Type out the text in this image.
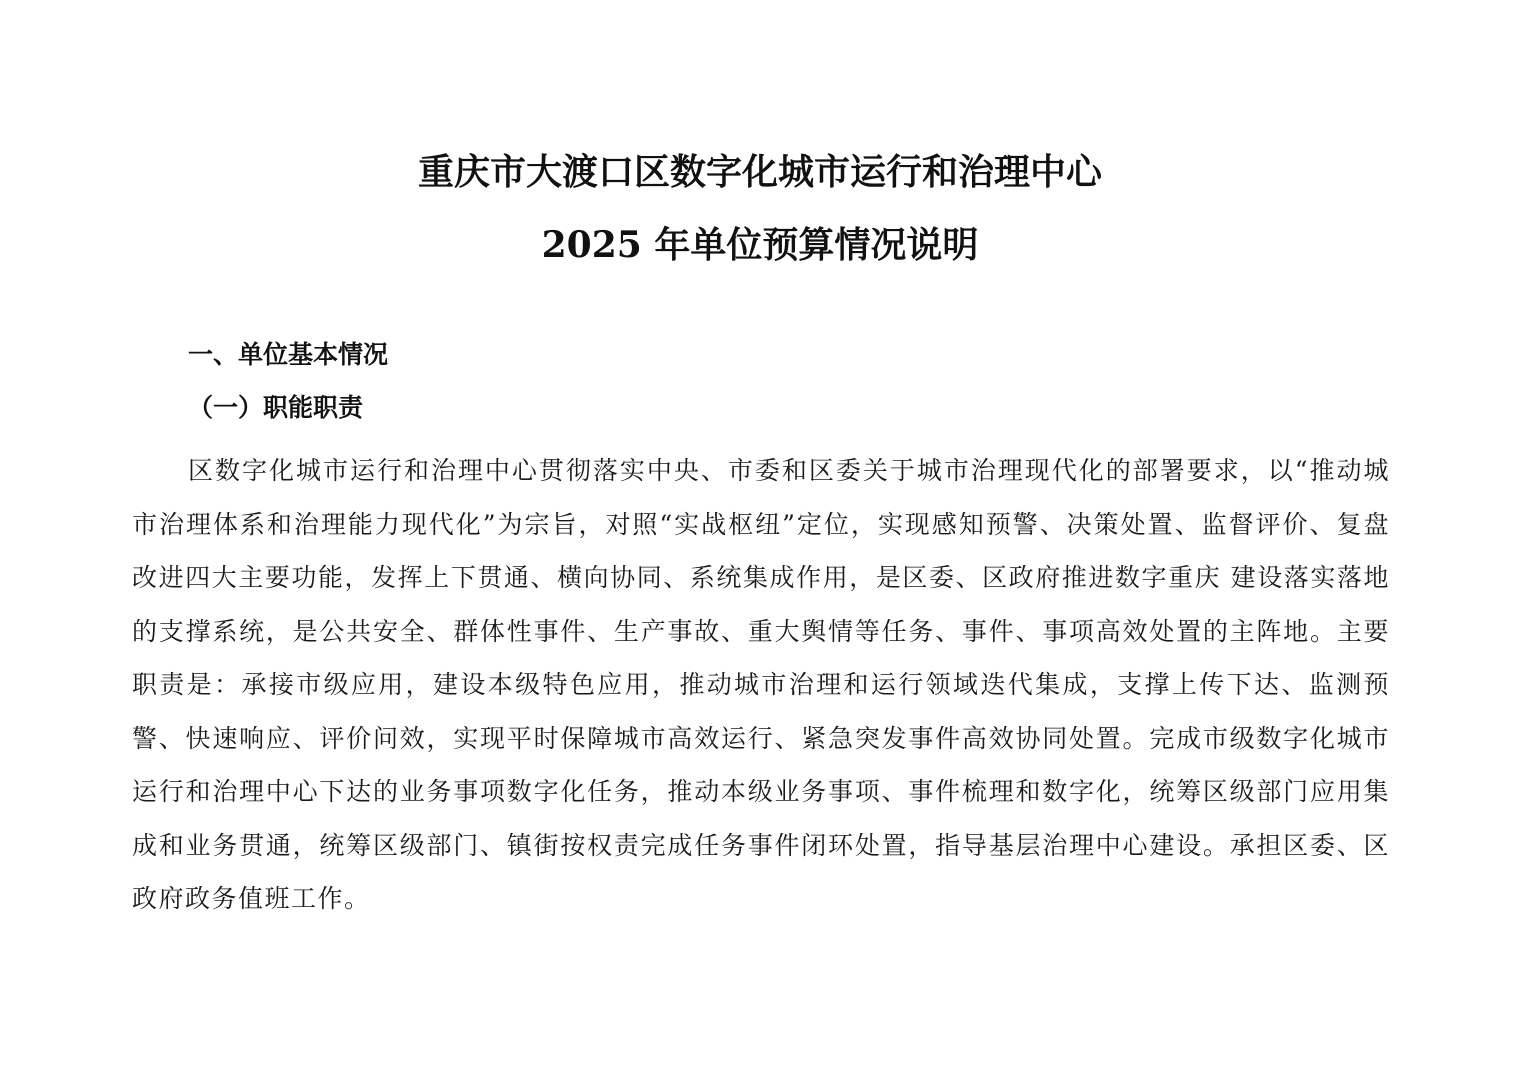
重庆市大渡口区数字化城市运行和治理中心
2025 年单位预算情况说明
一、单位基本情况
（一）职能职责

区数字化城市运行和治理中心贯彻落实中央、市委和区委关于城市治理现代化的部署要求，以“推动城市治理体系和治理能力现代化”为宗旨，对照“实战枢纽”定位，实现感知预警、决策处置、监督评价、复盘改进四大主要功能，发挥上下贯通、横向协同、系统集成作用，是区委、区政府推进数字重庆 建设落实落地的支撑系统，是公共安全、群体性事件、生产事故、重大舆情等任务、事件、事项高效处置的主阵地。主要职责是：承接市级应用，建设本级特色应用，推动城市治理和运行领域迭代集成，支撑上传下达、监测预警、快速响应、评价问效，实现平时保障城市高效运行、紧急突发事件高效协同处置。完成市级数字化城市运行和治理中心下达的业务事项数字化任务，推动本级业务事项、事件梳理和数字化，统筹区级部门应用集成和业务贯通，统筹区级部门、镇街按权责完成任务事件闭环处置，指导基层治理中心建设。承担区委、区政府政务值班工作。
